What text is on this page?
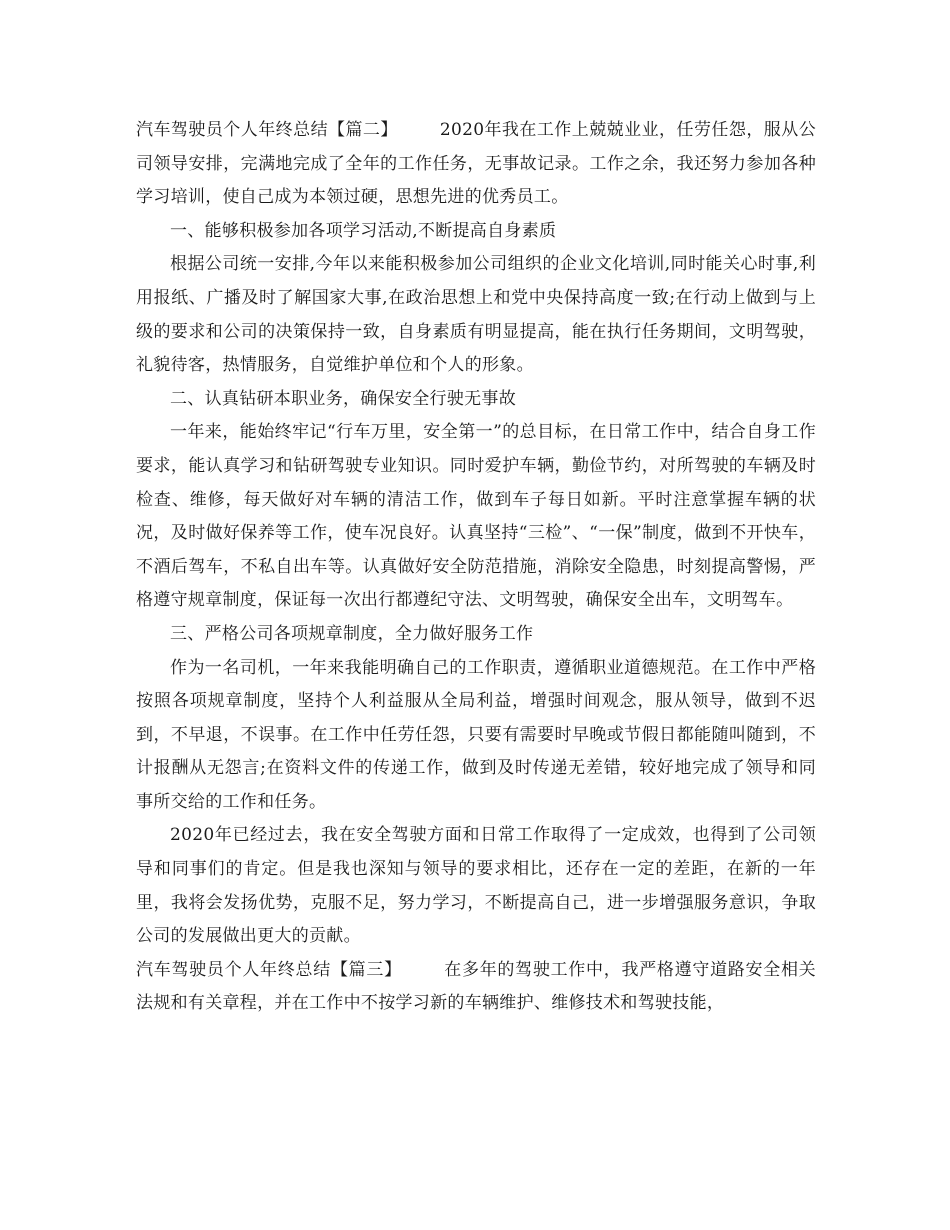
汽车驾驶员个人年终总结【篇二】 2020年我在工作上兢兢业业，任劳任怨，服从公司领导安排，完满地完成了全年的工作任务，无事故记录。工作之余，我还努力参加各种学习培训，使自己成为本领过硬，思想先进的优秀员工。

一、能够积极参加各项学习活动,不断提高自身素质

根据公司统一安排,今年以来能积极参加公司组织的企业文化培训,同时能关心时事,利用报纸、广播及时了解国家大事,在政治思想上和党中央保持高度一致;在行动上做到与上级的要求和公司的决策保持一致，自身素质有明显提高，能在执行任务期间，文明驾驶，礼貌待客，热情服务，自觉维护单位和个人的形象。

二、认真钻研本职业务，确保安全行驶无事故

一年来，能始终牢记“行车万里，安全第一”的总目标，在日常工作中，结合自身工作要求，能认真学习和钻研驾驶专业知识。同时爱护车辆，勤俭节约，对所驾驶的车辆及时检查、维修，每天做好对车辆的清洁工作，做到车子每日如新。平时注意掌握车辆的状况，及时做好保养等工作，使车况良好。认真坚持“三检”、“一保”制度，做到不开快车，不酒后驾车，不私自出车等。认真做好安全防范措施，消除安全隐患，时刻提高警惕，严格遵守规章制度，保证每一次出行都遵纪守法、文明驾驶，确保安全出车，文明驾车。

三、严格公司各项规章制度，全力做好服务工作

作为一名司机，一年来我能明确自己的工作职责，遵循职业道德规范。在工作中严格按照各项规章制度，坚持个人利益服从全局利益，增强时间观念，服从领导，做到不迟到，不早退，不误事。在工作中任劳任怨，只要有需要时早晚或节假日都能随叫随到，不计报酬从无怨言;在资料文件的传递工作，做到及时传递无差错，较好地完成了领导和同事所交给的工作和任务。

2020年已经过去，我在安全驾驶方面和日常工作取得了一定成效，也得到了公司领导和同事们的肯定。但是我也深知与领导的要求相比，还存在一定的差距，在新的一年里，我将会发扬优势，克服不足，努力学习，不断提高自己，进一步增强服务意识，争取公司的发展做出更大的贡献。

汽车驾驶员个人年终总结【篇三】 在多年的驾驶工作中，我严格遵守道路安全相关法规和有关章程，并在工作中不按学习新的车辆维护、维修技术和驾驶技能，
